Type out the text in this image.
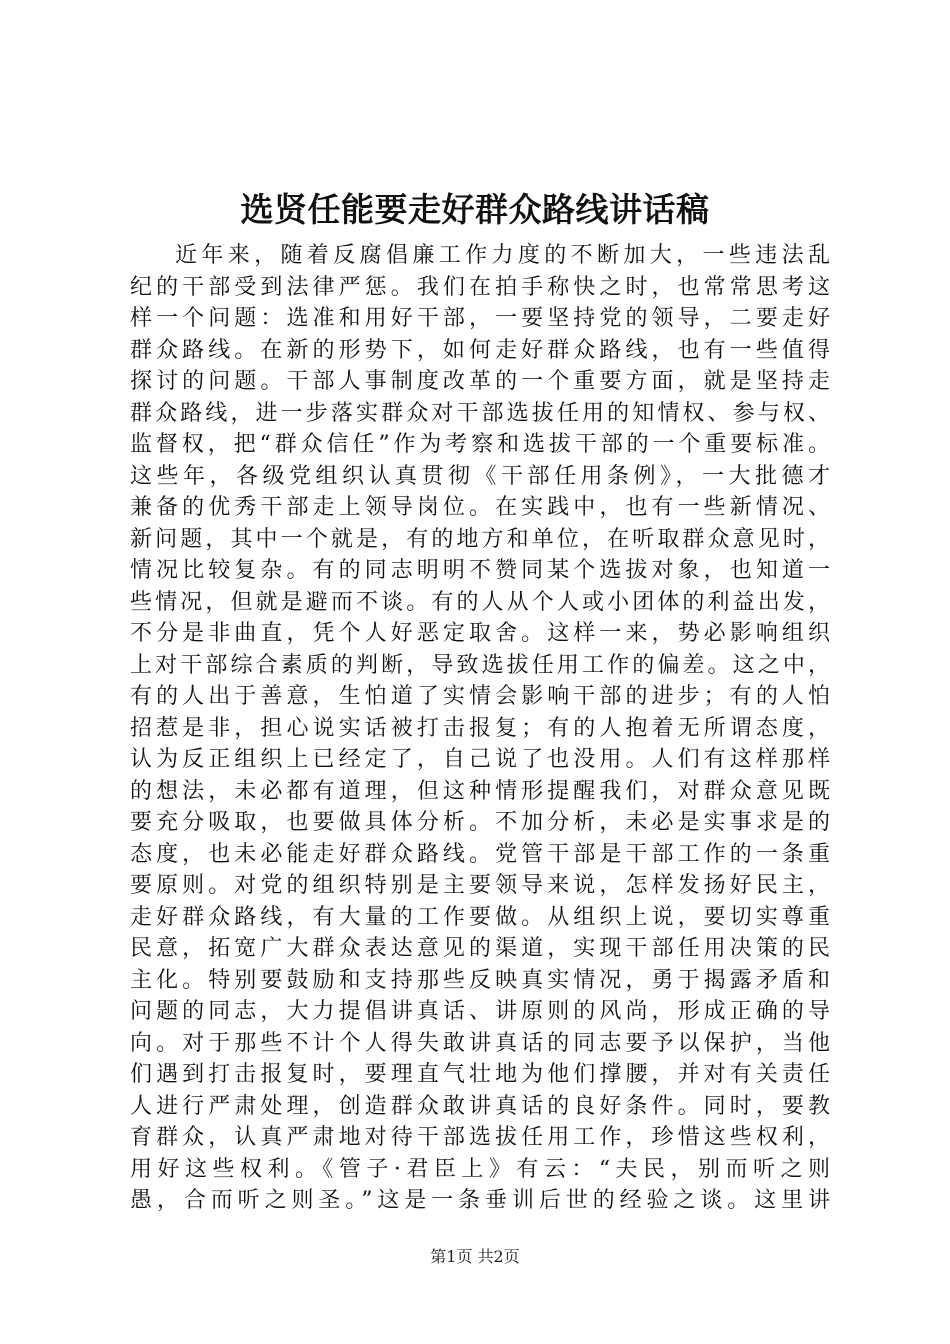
选贤任能要走好群众路线讲话稿
近年来，随着反腐倡廉工作力度的不断加大，一些违法乱
纪的干部受到法律严惩。我们在拍手称快之时，也常常思考这
样一个问题：选准和用好干部，一要坚持党的领导，二要走好
群众路线。在新的形势下，如何走好群众路线，也有一些值得
探讨的问题。干部人事制度改革的一个重要方面，就是坚持走
群众路线，进一步落实群众对干部选拔任用的知情权、参与权、
监督权，把“群众信任”作为考察和选拔干部的一个重要标准。
这些年，各级党组织认真贯彻《干部任用条例》，一大批德才
兼备的优秀干部走上领导岗位。在实践中，也有一些新情况、
新问题，其中一个就是，有的地方和单位，在听取群众意见时，
情况比较复杂。有的同志明明不赞同某个选拔对象，也知道一
些情况，但就是避而不谈。有的人从个人或小团体的利益出发，
不分是非曲直，凭个人好恶定取舍。这样一来，势必影响组织
上对干部综合素质的判断，导致选拔任用工作的偏差。这之中，
有的人出于善意，生怕道了实情会影响干部的进步；有的人怕
招惹是非，担心说实话被打击报复；有的人抱着无所谓态度，
认为反正组织上已经定了，自己说了也没用。人们有这样那样
的想法，未必都有道理，但这种情形提醒我们，对群众意见既
要充分吸取，也要做具体分析。不加分析，未必是实事求是的
态度，也未必能走好群众路线。党管干部是干部工作的一条重
要原则。对党的组织特别是主要领导来说，怎样发扬好民主，
走好群众路线，有大量的工作要做。从组织上说，要切实尊重
民意，拓宽广大群众表达意见的渠道，实现干部任用决策的民
主化。特别要鼓励和支持那些反映真实情况，勇于揭露矛盾和
问题的同志，大力提倡讲真话、讲原则的风尚，形成正确的导
向。对于那些不计个人得失敢讲真话的同志要予以保护，当他
们遇到打击报复时，要理直气壮地为他们撑腰，并对有关责任
人进行严肃处理，创造群众敢讲真话的良好条件。同时，要教
育群众，认真严肃地对待干部选拔任用工作，珍惜这些权利，
用好这些权利。《管子·君臣上》有云：“夫民，别而听之则
愚，合而听之则圣。”这是一条垂训后世的经验之谈。这里讲
第1页 共2页
